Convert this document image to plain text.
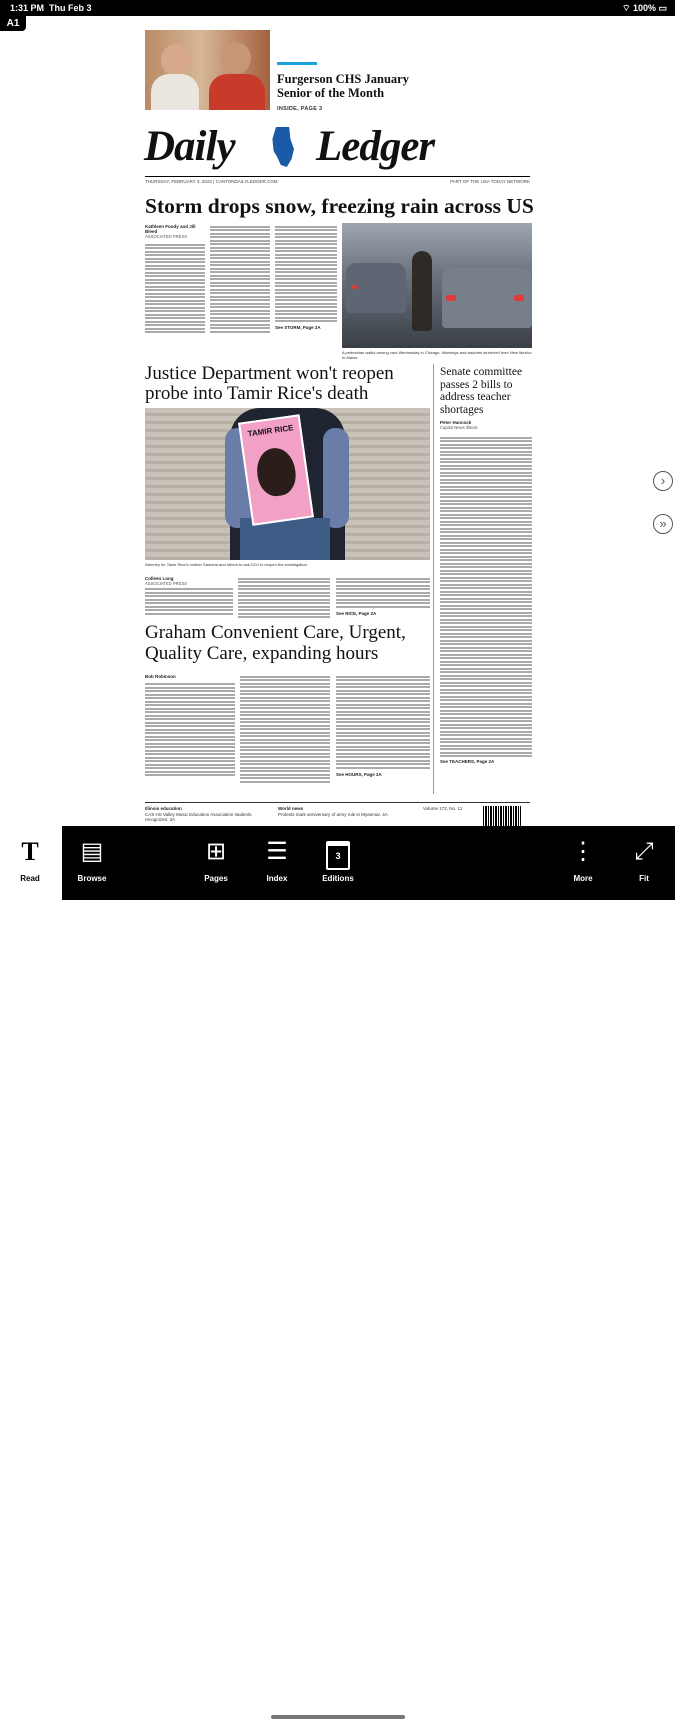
1:31 PM Thu Feb 3	⌔ 100% ▭
A1
Furgerson CHS January Senior of the Month
INSIDE, PAGE 3
Daily Ledger
THURSDAY, FEBRUARY 3, 2022 | CANTONDAILYLEDGER.COM	PART OF THE USA TODAY NETWORK
Storm drops snow, freezing rain across US
Kathleen Foody and Jill Bleed
ASSOCIATED PRESS
See STORM, Page 2A
A pedestrian walks among cars Wednesday in Chicago. Warnings and watches stretched from New Mexico to Maine.
Justice Department won't reopen probe into Tamir Rice's death
TAMIR RICE
Attorney for Tamir Rice's mother Samaria and others to ask DOJ to reopen the investigation.
Colleen Long
ASSOCIATED PRESS
See RICE, Page 2A
Senate committee passes 2 bills to address teacher shortages
Peter Hancock
Capitol News Illinois
See TEACHERS, Page 2A
Graham Convenient Care, Urgent, Quality Care, expanding hours
Bob Robinson
See HOURS, Page 2A
Illinois education
CAS HS Valley Music Education Association students recognized. 3A
World news
Protests mark anniversary of army rule in Myanmar. 4A
Volume 172, No. 11
›
»
T
Read
▤
Browse
⊞
Pages
☰
Index
3
Editions
⋮
More
⤢
Fit
